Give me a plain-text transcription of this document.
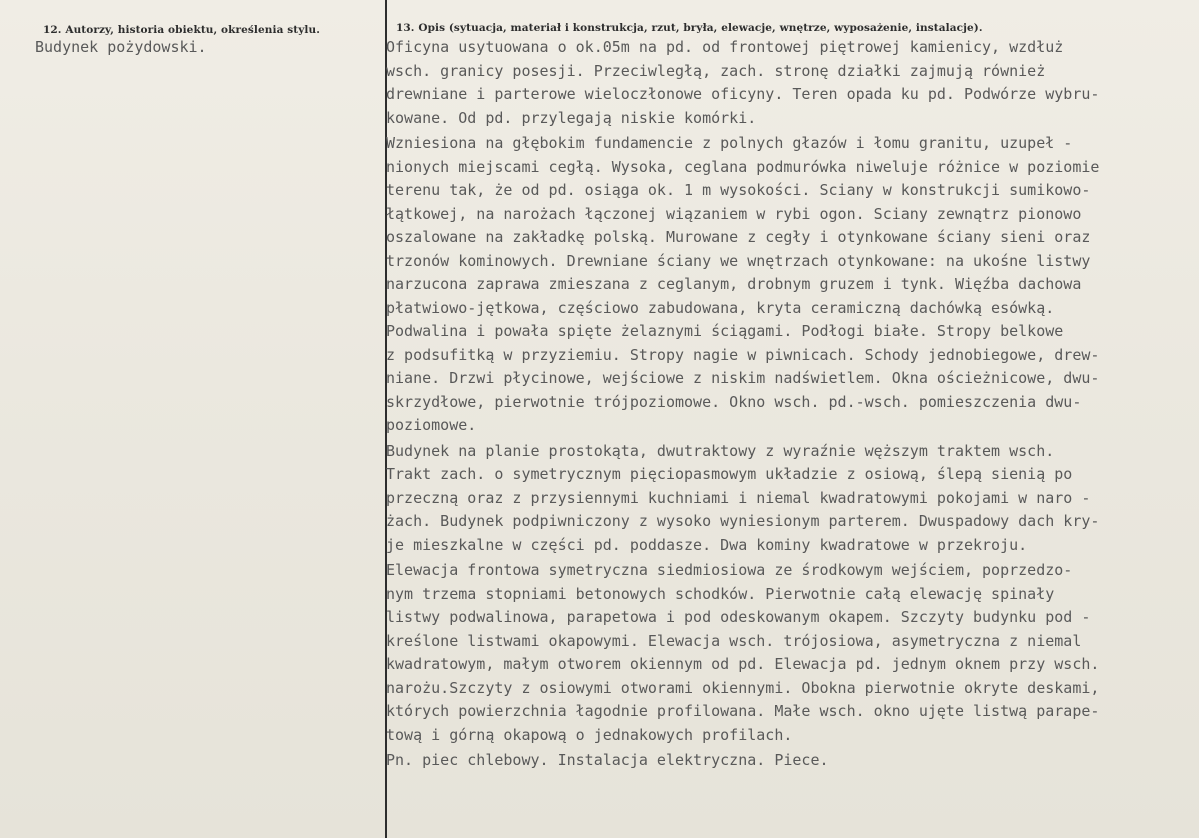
12. Autorzy, historia obiektu, określenia stylu.
Budynek pożydowski.
13. Opis (sytuacja, materiał i konstrukcja, rzut, bryła, elewacje, wnętrze, wyposażenie, instalacje).
Oficyna usytuowana o ok.05m na pd. od frontowej piętrowej kamienicy, wzdłuż
wsch. granicy posesji. Przeciwległą, zach. stronę działki zajmują również
drewniane i parterowe wieloczłonowe oficyny. Teren opada ku pd. Podwórze wybru-
kowane. Od pd. przylegają niskie komórki.
Wzniesiona na głębokim fundamencie z polnych głazów i łomu granitu, uzupeł -
nionych miejscami cegłą. Wysoka, ceglana podmurówka niweluje różnice w poziomie
terenu tak, że od pd. osiąga ok. 1 m wysokości. Sciany w konstrukcji sumikowo-
łątkowej, na narożach łączonej wiązaniem w rybi ogon. Sciany zewnątrz pionowo
oszalowane na zakładkę polską. Murowane z cegły i otynkowane ściany sieni oraz
trzonów kominowych. Drewniane ściany we wnętrzach otynkowane: na ukośne listwy
narzucona zaprawa zmieszana z ceglanym, drobnym gruzem i tynk. Więźba dachowa
płatwiowo-jętkowa, częściowo zabudowana, kryta ceramiczną dachówką esówką.
Podwalina i powała spięte żelaznymi ściągami. Podłogi białe. Stropy belkowe
z podsufitką w przyziemiu. Stropy nagie w piwnicach. Schody jednobiegowe, drew-
niane. Drzwi płycinowe, wejściowe z niskim nadświetlem. Okna ościeżnicowe, dwu-
skrzydłowe, pierwotnie trójpoziomowe. Okno wsch. pd.-wsch. pomieszczenia dwu-
poziomowe.
Budynek na planie prostokąta, dwutraktowy z wyraźnie węższym traktem wsch.
Trakt zach. o symetrycznym pięciopasmowym układzie z osiową, ślepą sienią po
przeczną oraz z przysiennymi kuchniami i niemal kwadratowymi pokojami w naro -
żach. Budynek podpiwniczony z wysoko wyniesionym parterem. Dwuspadowy dach kry-
je mieszkalne w części pd. poddasze. Dwa kominy kwadratowe w przekroju.
Elewacja frontowa symetryczna siedmiosiowa ze środkowym wejściem, poprzedzo-
nym trzema stopniami betonowych schodków. Pierwotnie całą elewację spinały
listwy podwalinowa, parapetowa i pod odeskowanym okapem. Szczyty budynku pod -
kreślone listwami okapowymi. Elewacja wsch. trójosiowa, asymetryczna z niemal
kwadratowym, małym otworem okiennym od pd. Elewacja pd. jednym oknem przy wsch.
narożu.Szczyty z osiowymi otworami okiennymi. Obokna pierwotnie okryte deskami,
których powierzchnia łagodnie profilowana. Małe wsch. okno ujęte listwą parape-
tową i górną okapową o jednakowych profilach.
Pn. piec chlebowy. Instalacja elektryczna. Piece.
